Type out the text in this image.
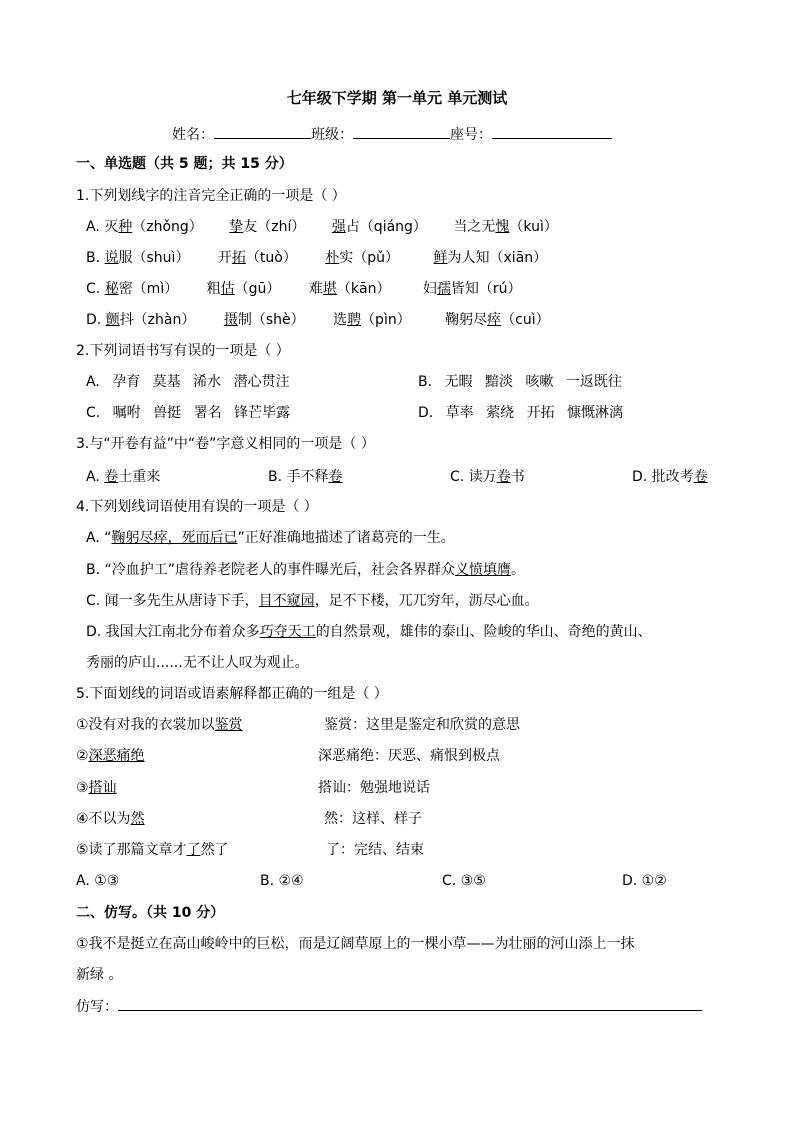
七年级下学期 第一单元 单元测试
姓名：	班级：	座号：
一、单选题（共 5 题；共 15 分）
1.下列划线字的注音完全正确的一项是（ ）
A. 灭种（zhǒng） 挚友（zhí） 强占（qiáng） 当之无愧（kuì）
B. 说服（shuì） 开拓（tuò） 朴实（pǔ） 鲜为人知（xiān）
C. 秘密（mì） 粗估（gū） 难堪（kān） 妇孺皆知（rú）
D. 颤抖（zhàn） 摄制（shè） 选聘（pìn） 鞠躬尽瘁（cuì）
2.下列词语书写有误的一项是（ ）
A. 孕育 莫基 浠水 潜心贯注	B. 无暇 黯淡 咳嗽 一返既往
C. 嘱咐 兽挺 署名 锋芒毕露	D. 草率 萦绕 开拓 慷慨淋漓
3.与“开卷有益”中“卷”字意义相同的一项是（ ）
A. 卷土重来	B. 手不释卷	C. 读万卷书	D. 批改考卷
4.下列划线词语使用有误的一项是（ ）
A. “鞠躬尽瘁，死而后已”正好准确地描述了诸葛亮的一生。
B. “冷血护工”虐待养老院老人的事件曝光后，社会各界群众义愤填膺。
C. 闻一多先生从唐诗下手，目不窥园，足不下楼，兀兀穷年，沥尽心血。
D. 我国大江南北分布着众多巧夺天工的自然景观，雄伟的泰山、险峻的华山、奇绝的黄山、
秀丽的庐山......无不让人叹为观止。
5.下面划线的词语或语素解释都正确的一组是（ ）
①没有对我的衣裳加以鉴赏	鉴赏：这里是鉴定和欣赏的意思
②深恶痛绝	深恶痛绝：厌恶、痛恨到极点
③搭讪	搭讪：勉强地说话
④不以为然	然：这样、样子
⑤读了那篇文章才了然了	了：完结、结束
A. ①③	B. ②④	C. ③⑤	D. ①②
二、仿写。（共 10 分）
①我不是挺立在高山峻岭中的巨松，而是辽阔草原上的一棵小草——为壮丽的河山添上一抹
新绿 。
仿写：
